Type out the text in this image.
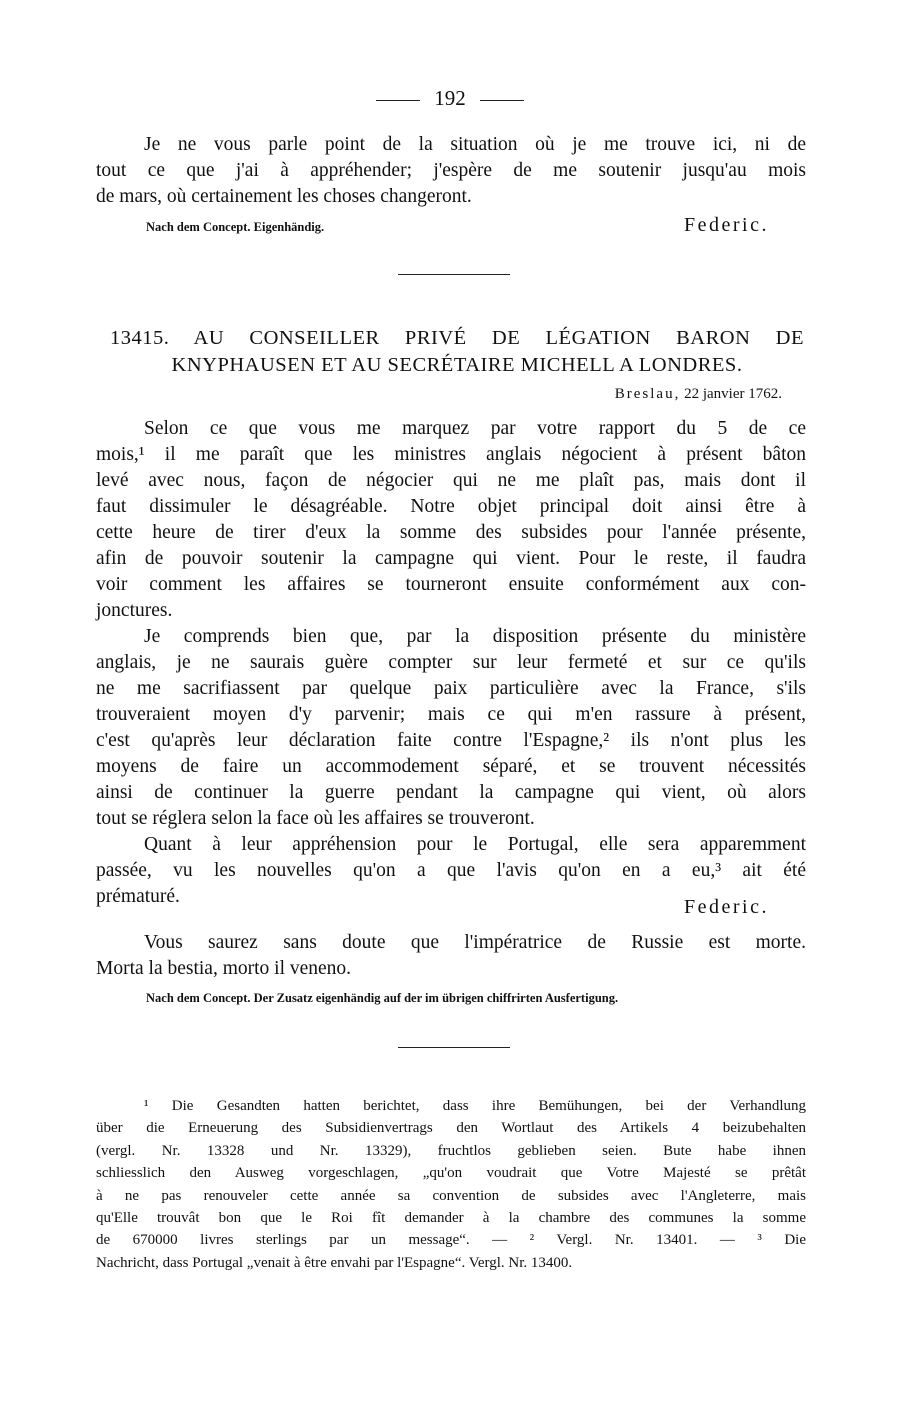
192
Je ne vous parle point de la situation où je me trouve ici, ni de
tout ce que j'ai à appréhender; j'espère de me soutenir jusqu'au mois
de mars, où certainement les choses changeront.
Nach dem Concept. Eigenhändig.	Federic.
13415. AU CONSEILLER PRIVÉ DE LÉGATION BARON DE
KNYPHAUSEN ET AU SECRÉTAIRE MICHELL A LONDRES.
Breslau, 22 janvier 1762.
Selon ce que vous me marquez par votre rapport du 5 de ce
mois,¹ il me paraît que les ministres anglais négocient à présent bâton
levé avec nous, façon de négocier qui ne me plaît pas, mais dont il
faut dissimuler le désagréable. Notre objet principal doit ainsi être à
cette heure de tirer d'eux la somme des subsides pour l'année présente,
afin de pouvoir soutenir la campagne qui vient. Pour le reste, il faudra
voir comment les affaires se tourneront ensuite conformément aux con-
jonctures.
Je comprends bien que, par la disposition présente du ministère
anglais, je ne saurais guère compter sur leur fermeté et sur ce qu'ils
ne me sacrifiassent par quelque paix particulière avec la France, s'ils
trouveraient moyen d'y parvenir; mais ce qui m'en rassure à présent,
c'est qu'après leur déclaration faite contre l'Espagne,² ils n'ont plus les
moyens de faire un accommodement séparé, et se trouvent nécessités
ainsi de continuer la guerre pendant la campagne qui vient, où alors
tout se réglera selon la face où les affaires se trouveront.
Quant à leur appréhension pour le Portugal, elle sera apparemment
passée, vu les nouvelles qu'on a que l'avis qu'on en a eu,³ ait été
prématuré.	Federic.
Vous saurez sans doute que l'impératrice de Russie est morte.
Morta la bestia, morto il veneno.
Nach dem Concept. Der Zusatz eigenhändig auf der im übrigen chiffrirten Ausfertigung.
¹ Die Gesandten hatten berichtet, dass ihre Bemühungen, bei der Verhandlung
über die Erneuerung des Subsidienvertrags den Wortlaut des Artikels 4 beizubehalten
(vergl. Nr. 13328 und Nr. 13329), fruchtlos geblieben seien. Bute habe ihnen
schliesslich den Ausweg vorgeschlagen, „qu'on voudrait que Votre Majesté se prêtât
à ne pas renouveler cette année sa convention de subsides avec l'Angleterre, mais
qu'Elle trouvât bon que le Roi fît demander à la chambre des communes la somme
de 670000 livres sterlings par un message“. — ² Vergl. Nr. 13401. — ³ Die
Nachricht, dass Portugal „venait à être envahi par l'Espagne“. Vergl. Nr. 13400.
